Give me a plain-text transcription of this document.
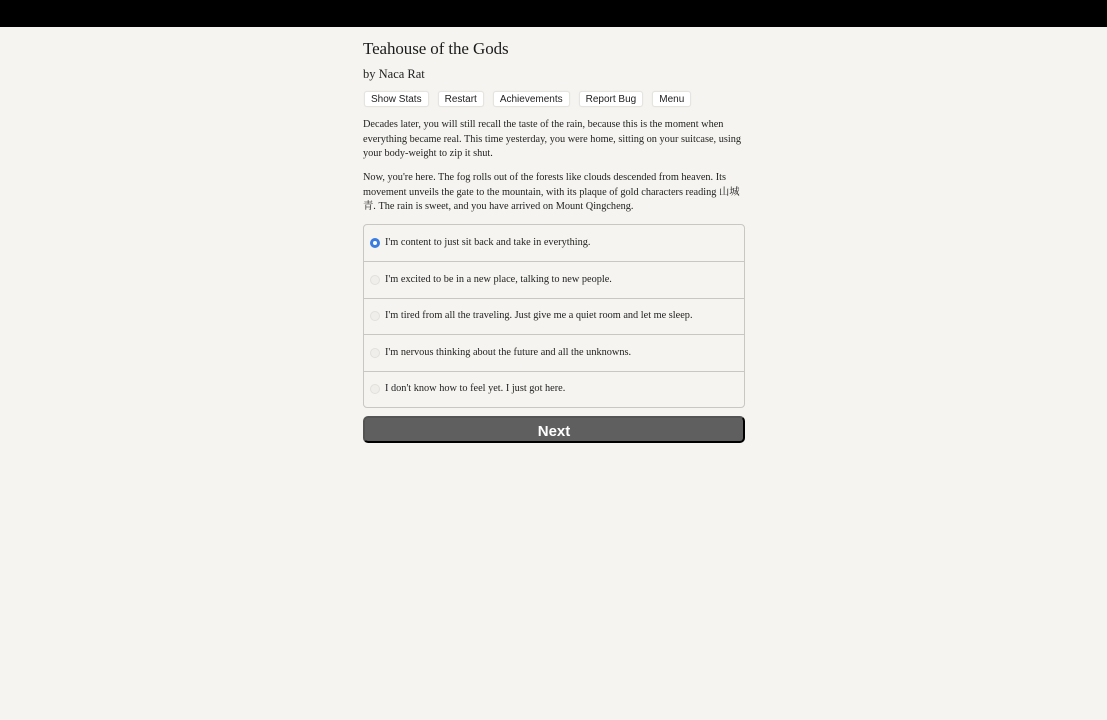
Teahouse of the Gods
by Naca Rat
Show Stats	Restart	Achievements	Report Bug	Menu

Decades later, you will still recall the taste of the rain, because this is the moment when everything became real. This time yesterday, you were home, sitting on your suitcase, using your body-weight to zip it shut.

Now, you're here. The fog rolls out of the forests like clouds descended from heaven. Its movement unveils the gate to the mountain, with its plaque of gold characters reading 山城青. The rain is sweet, and you have arrived on Mount Qingcheng.

I'm content to just sit back and take in everything.
I'm excited to be in a new place, talking to new people.
I'm tired from all the traveling. Just give me a quiet room and let me sleep.
I'm nervous thinking about the future and all the unknowns.
I don't know how to feel yet. I just got here.
Next
